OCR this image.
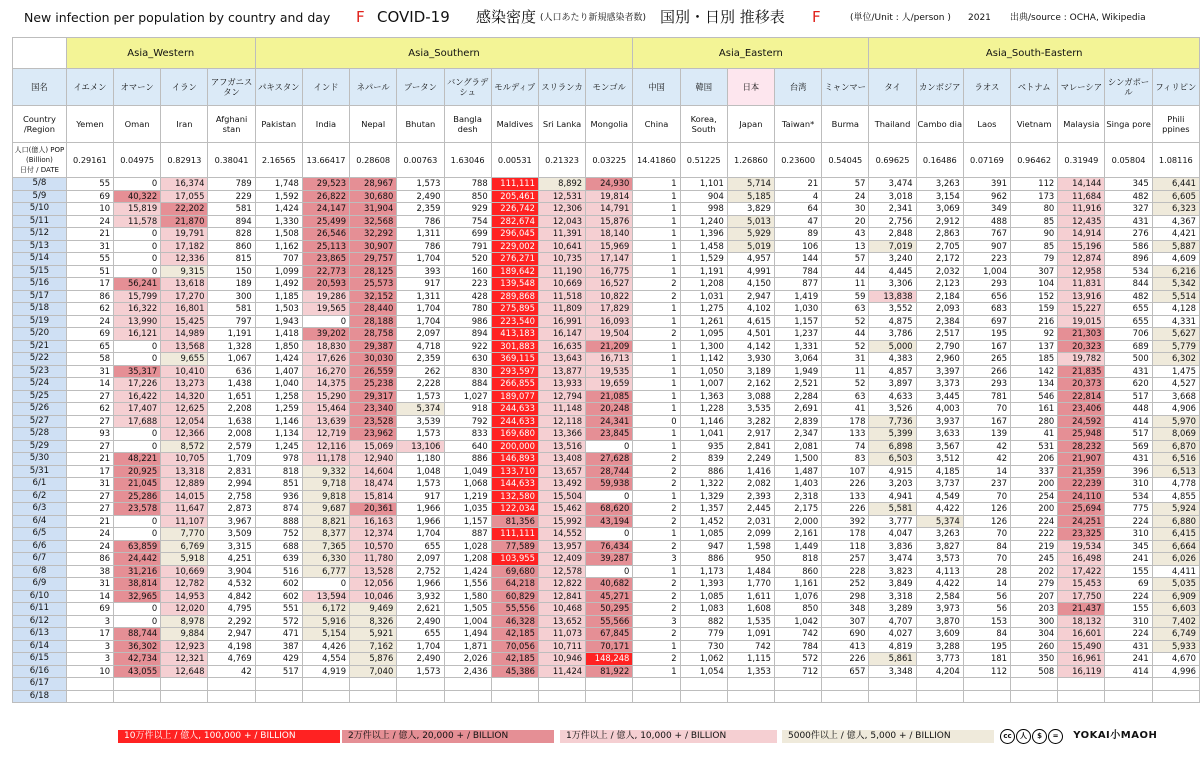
New infection per population by country and day F COVID-19 感染密度 (人口あたり新規感染者数) 国別・日別 推移表 F	(単位/Unit : 人/person ) 2021 出典/source : OCHA, Wikipedia
	Asia_Western				Asia_Southern								Asia_Eastern					Asia_South-Eastern						
国名	イエメン	オマーン	イラン	アフガニスタン	パキスタン	インド	ネパール	ブータン	バングラデシュ	モルディブ	スリランカ	モンゴル	中国	韓国	日本	台湾	ミャンマー	タイ	カンボジア	ラオス	ベトナム	マレーシア	シンガポール	フィリピン
Country /Region	Yemen	Oman	Iran	Afghani stan	Pakistan	India	Nepal	Bhutan	Bangla desh	Maldives	Sri Lanka	Mongolia	China	Korea, South	Japan	Taiwan*	Burma	Thailand	Cambo dia	Laos	Vietnam	Malaysia	Singa pore	Phili ppines

人口(億人) POP (Billion)
日付 / DATE	0.29161	0.04975	0.82913	0.38041	2.16565	13.66417	0.28608	0.00763	1.63046	0.00531	0.21323	0.03225	14.41860	0.51225	1.26860	0.23600	0.54045	0.69625	0.16486	0.07169	0.96462	0.31949	0.05804	1.08116
5/8	55	0	16,374	789	1,748	29,523	28,967	1,573	788	111,111	8,892	24,930	1	1,101	5,714	21	57	3,474	3,263	391	112	14,144	345	6,441
5/9	69	40,322	17,055	229	1,592	26,822	30,680	2,490	850	205,461	12,531	19,814	1	904	5,185	4	24	3,018	3,154	962	173	11,684	482	6,605
5/10	10	15,819	22,202	581	1,424	24,147	31,904	2,359	929	226,742	12,306	14,791	1	998	3,829	64	30	2,341	3,069	349	80	11,916	327	6,323
5/11	24	11,578	21,870	894	1,330	25,499	32,568	786	754	282,674	12,043	15,876	1	1,240	5,013	47	20	2,756	2,912	488	85	12,435	431	4,367
5/12	21	0	19,791	828	1,508	26,546	32,292	1,311	699	296,045	11,391	18,140	1	1,396	5,929	89	43	2,848	2,863	767	90	14,914	276	4,421
5/13	31	0	17,182	860	1,162	25,113	30,907	786	791	229,002	10,641	15,969	1	1,458	5,019	106	13	7,019	2,705	907	85	15,196	586	5,887
5/14	55	0	12,336	815	707	23,865	29,757	1,704	520	276,271	10,735	17,147	1	1,529	4,957	144	57	3,240	2,172	223	79	12,874	896	4,609
5/15	51	0	9,315	150	1,099	22,773	28,125	393	160	189,642	11,190	16,775	1	1,191	4,991	784	44	4,445	2,032	1,004	307	12,958	534	6,216
5/16	17	56,241	13,618	189	1,492	20,593	25,573	917	223	139,548	10,669	16,527	2	1,208	4,150	877	11	3,306	2,123	293	104	11,831	844	5,342
5/17	86	15,799	17,270	300	1,185	19,286	32,152	1,311	428	289,868	11,518	10,822	2	1,031	2,947	1,419	59	13,838	2,184	656	152	13,916	482	5,514
5/18	62	16,322	16,801	581	1,503	19,565	28,440	1,704	780	275,895	11,809	17,829	1	1,275	4,102	1,030	63	3,552	2,093	683	159	15,227	655	4,128
5/19	24	13,990	15,425	797	1,943	0	28,188	1,704	986	223,540	16,991	16,093	1	1,261	4,615	1,157	52	4,875	2,384	697	216	19,015	655	4,331
5/20	69	16,121	14,989	1,191	1,418	39,202	28,758	2,097	894	413,183	16,147	19,504	2	1,095	4,501	1,237	44	3,786	2,517	195	92	21,303	706	5,627
5/21	65	0	13,568	1,328	1,850	18,830	29,387	4,718	922	301,883	16,635	21,209	1	1,300	4,142	1,331	52	5,000	2,790	167	137	20,323	689	5,779
5/22	58	0	9,655	1,067	1,424	17,626	30,030	2,359	630	369,115	13,643	16,713	1	1,142	3,930	3,064	31	4,383	2,960	265	185	19,782	500	6,302
5/23	31	35,317	10,410	636	1,407	16,270	26,559	262	830	293,597	13,877	19,535	1	1,050	3,189	1,949	11	4,857	3,397	266	142	21,835	431	1,475
5/24	14	17,226	13,273	1,438	1,040	14,375	25,238	2,228	884	266,855	13,933	19,659	1	1,007	2,162	2,521	52	3,897	3,373	293	134	20,373	620	4,527
5/25	27	16,422	14,320	1,651	1,258	15,290	29,317	1,573	1,027	189,077	12,794	21,085	1	1,363	3,088	2,284	63	4,633	3,445	781	546	22,814	517	3,668
5/26	62	17,407	12,625	2,208	1,259	15,464	23,340	5,374	918	244,633	11,148	20,248	1	1,228	3,535	2,691	41	3,526	4,003	70	161	23,406	448	4,906
5/27	27	17,688	12,054	1,638	1,146	13,639	23,528	3,539	792	244,633	12,118	24,341	0	1,146	3,282	2,839	178	7,736	3,937	167	280	24,592	414	5,970
5/28	93	0	12,366	2,008	1,134	12,719	23,962	1,573	833	169,680	13,366	23,845	1	1,041	2,917	2,347	133	5,399	3,633	139	41	25,948	517	8,069
5/29	27	0	8,572	2,579	1,245	12,116	15,069	13,106	640	200,000	13,516	0	1	935	2,841	2,081	74	6,898	3,567	42	531	28,232	569	6,870
5/30	21	48,221	10,705	1,709	978	11,178	12,940	1,180	886	146,893	13,408	27,628	2	839	2,249	1,500	83	6,503	3,512	42	206	21,907	431	6,516
5/31	17	20,925	13,318	2,831	818	9,332	14,604	1,048	1,049	133,710	13,657	28,744	2	886	1,416	1,487	107	4,915	4,185	14	337	21,359	396	6,513
6/1	31	21,045	12,889	2,994	851	9,718	18,474	1,573	1,068	144,633	13,492	59,938	2	1,322	2,082	1,403	226	3,203	3,737	237	200	22,239	310	4,778
6/2	27	25,286	14,015	2,758	936	9,818	15,814	917	1,219	132,580	15,504	0	1	1,329	2,393	2,318	133	4,941	4,549	70	254	24,110	534	4,855
6/3	27	23,578	11,647	2,873	874	9,687	20,361	1,966	1,035	122,034	15,462	68,620	2	1,357	2,445	2,175	226	5,581	4,422	126	200	25,694	775	5,924
6/4	21	0	11,107	3,967	888	8,821	16,163	1,966	1,157	81,356	15,992	43,194	2	1,452	2,031	2,000	392	3,777	5,374	126	224	24,251	224	6,880
6/5	24	0	7,770	3,509	752	8,377	12,374	1,704	887	111,111	14,552	0	1	1,085	2,099	2,161	178	4,047	3,263	70	222	23,325	310	6,415
6/6	24	63,859	6,769	3,315	688	7,365	10,570	655	1,028	77,589	13,957	76,434	2	947	1,598	1,449	118	3,836	3,827	84	219	19,534	345	6,664
6/7	86	24,442	5,918	4,251	639	6,330	11,780	2,097	1,208	103,955	12,409	39,287	3	886	950	818	257	3,474	3,573	70	245	16,498	241	6,026
6/8	38	31,216	10,669	3,904	516	6,777	13,528	2,752	1,424	69,680	12,578	0	1	1,173	1,484	860	228	3,823	4,113	28	202	17,422	155	4,411
6/9	31	38,814	12,782	4,532	602	0	12,056	1,966	1,556	64,218	12,822	40,682	2	1,393	1,770	1,161	252	3,849	4,422	14	279	15,453	69	5,035
6/10	14	32,965	14,953	4,842	602	13,594	10,046	3,932	1,580	60,829	12,841	45,271	2	1,085	1,611	1,076	298	3,318	2,584	56	207	17,750	224	6,909
6/11	69	0	12,020	4,795	551	6,172	9,469	2,621	1,505	55,556	10,468	50,295	2	1,083	1,608	850	348	3,289	3,973	56	203	21,437	155	6,603
6/12	3	0	8,978	2,292	572	5,916	8,326	2,490	1,004	46,328	13,652	55,566	3	882	1,535	1,042	307	4,707	3,870	153	300	18,132	310	7,402
6/13	17	88,744	9,884	2,947	471	5,154	5,921	655	1,494	42,185	11,073	67,845	2	779	1,091	742	690	4,027	3,609	84	304	16,601	224	6,749
6/14	3	36,302	12,923	4,198	387	4,426	7,162	1,704	1,871	70,056	10,711	70,171	1	730	742	784	413	4,819	3,288	195	260	15,490	431	5,933
6/15	3	42,734	12,321	4,769	429	4,554	5,876	2,490	2,026	42,185	10,946	148,248	2	1,062	1,115	572	226	5,861	3,773	181	350	16,961	241	4,670
6/16	10	43,055	12,648	42	517	4,919	7,040	1,573	2,436	45,386	11,424	81,922	1	1,054	1,353	712	657	3,348	4,204	112	508	16,119	414	4,996
6/17																								
6/18																								
10万件以上 / 億人, 100,000 + / BILLION	2万件以上 / 億人, 20,000 + / BILLION	1万件以上 / 億人, 10,000 + / BILLION	5000件以上 / 億人, 5,000 + / BILLION	cc 人 $ = YOKAI小MAOH
